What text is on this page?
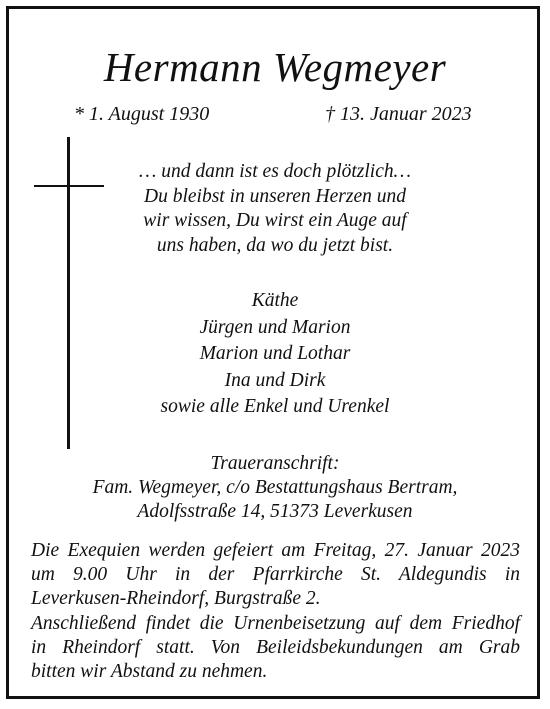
Hermann Wegmeyer
* 1. August 1930	† 13. Januar 2023
… und dann ist es doch plötzlich…
Du bleibst in unseren Herzen und
wir wissen, Du wirst ein Auge auf
uns haben, da wo du jetzt bist.
Käthe
Jürgen und Marion
Marion und Lothar
Ina und Dirk
sowie alle Enkel und Urenkel
Traueranschrift:
Fam. Wegmeyer, c/o Bestattungshaus Bertram,
Adolfsstraße 14, 51373 Leverkusen
Die Exequien werden gefeiert am Freitag, 27. Januar 2023
um 9.00 Uhr in der Pfarrkirche St. Aldegundis in
Leverkusen-Rheindorf, Burgstraße 2.
Anschließend findet die Urnenbeisetzung auf dem Friedhof
in Rheindorf statt. Von Beileidsbekundungen am Grab
bitten wir Abstand zu nehmen.
